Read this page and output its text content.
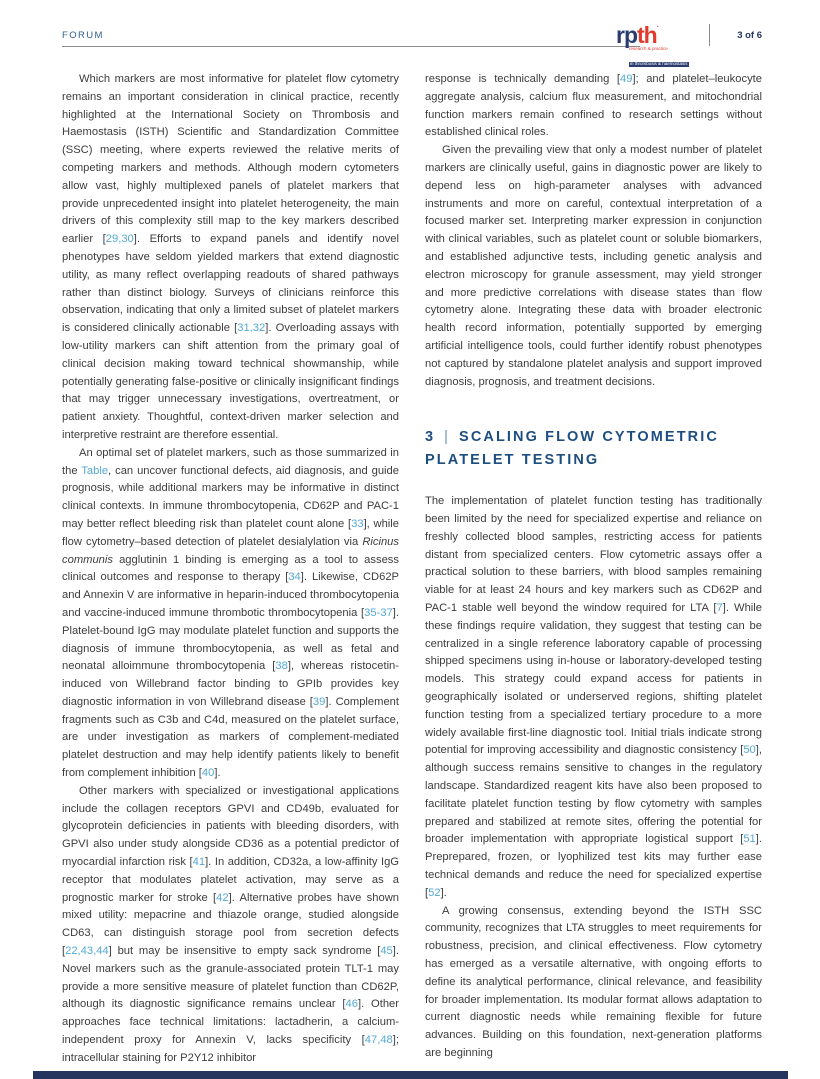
FORUM	rpth·
research & practice
in thrombosis & haemostasis
3 of 6

Which markers are most informative for platelet flow cytometry remains an important consideration in clinical practice, recently highlighted at the International Society on Thrombosis and Haemostasis (ISTH) Scientific and Standardization Committee (SSC) meeting, where experts reviewed the relative merits of competing markers and methods. Although modern cytometers allow vast, highly multiplexed panels of platelet markers that provide unprecedented insight into platelet heterogeneity, the main drivers of this complexity still map to the key markers described earlier [29,30]. Efforts to expand panels and identify novel phenotypes have seldom yielded markers that extend diagnostic utility, as many reflect overlapping readouts of shared pathways rather than distinct biology. Surveys of clinicians reinforce this observation, indicating that only a limited subset of platelet markers is considered clinically actionable [31,32]. Overloading assays with low-utility markers can shift attention from the primary goal of clinical decision making toward technical showmanship, while potentially generating false-positive or clinically insignificant findings that may trigger unnecessary investigations, overtreatment, or patient anxiety. Thoughtful, context-driven marker selection and interpretive restraint are therefore essential.

An optimal set of platelet markers, such as those summarized in the Table, can uncover functional defects, aid diagnosis, and guide prognosis, while additional markers may be informative in distinct clinical contexts. In immune thrombocytopenia, CD62P and PAC-1 may better reflect bleeding risk than platelet count alone [33], while flow cytometry–based detection of platelet desialylation via Ricinus communis agglutinin 1 binding is emerging as a tool to assess clinical outcomes and response to therapy [34]. Likewise, CD62P and Annexin V are informative in heparin-induced thrombocytopenia and vaccine-induced immune thrombotic thrombocytopenia [35-37]. Platelet-bound IgG may modulate platelet function and supports the diagnosis of immune thrombocytopenia, as well as fetal and neonatal alloimmune thrombocytopenia [38], whereas ristocetin-induced von Willebrand factor binding to GPIb provides key diagnostic information in von Willebrand disease [39]. Complement fragments such as C3b and C4d, measured on the platelet surface, are under investigation as markers of complement-mediated platelet destruction and may help identify patients likely to benefit from complement inhibition [40].

Other markers with specialized or investigational applications include the collagen receptors GPVI and CD49b, evaluated for glycoprotein deficiencies in patients with bleeding disorders, with GPVI also under study alongside CD36 as a potential predictor of myocardial infarction risk [41]. In addition, CD32a, a low-affinity IgG receptor that modulates platelet activation, may serve as a prognostic marker for stroke [42]. Alternative probes have shown mixed utility: mepacrine and thiazole orange, studied alongside CD63, can distinguish storage pool from secretion defects [22,43,44] but may be insensitive to empty sack syndrome [45]. Novel markers such as the granule-associated protein TLT-1 may provide a more sensitive measure of platelet function than CD62P, although its diagnostic significance remains unclear [46]. Other approaches face technical limitations: lactadherin, a calcium-independent proxy for Annexin V, lacks specificity [47,48]; intracellular staining for P2Y12 inhibitor

response is technically demanding [49]; and platelet–leukocyte aggregate analysis, calcium flux measurement, and mitochondrial function markers remain confined to research settings without established clinical roles.

Given the prevailing view that only a modest number of platelet markers are clinically useful, gains in diagnostic power are likely to depend less on high-parameter analyses with advanced instruments and more on careful, contextual interpretation of a focused marker set. Interpreting marker expression in conjunction with clinical variables, such as platelet count or soluble biomarkers, and established adjunctive tests, including genetic analysis and electron microscopy for granule assessment, may yield stronger and more predictive correlations with disease states than flow cytometry alone. Integrating these data with broader electronic health record information, potentially supported by emerging artificial intelligence tools, could further identify robust phenotypes not captured by standalone platelet analysis and support improved diagnosis, prognosis, and treatment decisions.

3 | SCALING FLOW CYTOMETRIC PLATELET TESTING

The implementation of platelet function testing has traditionally been limited by the need for specialized expertise and reliance on freshly collected blood samples, restricting access for patients distant from specialized centers. Flow cytometric assays offer a practical solution to these barriers, with blood samples remaining viable for at least 24 hours and key markers such as CD62P and PAC-1 stable well beyond the window required for LTA [7]. While these findings require validation, they suggest that testing can be centralized in a single reference laboratory capable of processing shipped specimens using in-house or laboratory-developed testing models. This strategy could expand access for patients in geographically isolated or underserved regions, shifting platelet function testing from a specialized tertiary procedure to a more widely available first-line diagnostic tool. Initial trials indicate strong potential for improving accessibility and diagnostic consistency [50], although success remains sensitive to changes in the regulatory landscape. Standardized reagent kits have also been proposed to facilitate platelet function testing by flow cytometry with samples prepared and stabilized at remote sites, offering the potential for broader implementation with appropriate logistical support [51]. Preprepared, frozen, or lyophilized test kits may further ease technical demands and reduce the need for specialized expertise [52].

A growing consensus, extending beyond the ISTH SSC community, recognizes that LTA struggles to meet requirements for robustness, precision, and clinical effectiveness. Flow cytometry has emerged as a versatile alternative, with ongoing efforts to define its analytical performance, clinical relevance, and feasibility for broader implementation. Its modular format allows adaptation to current diagnostic needs while remaining flexible for future advances. Building on this foundation, next-generation platforms are beginning
